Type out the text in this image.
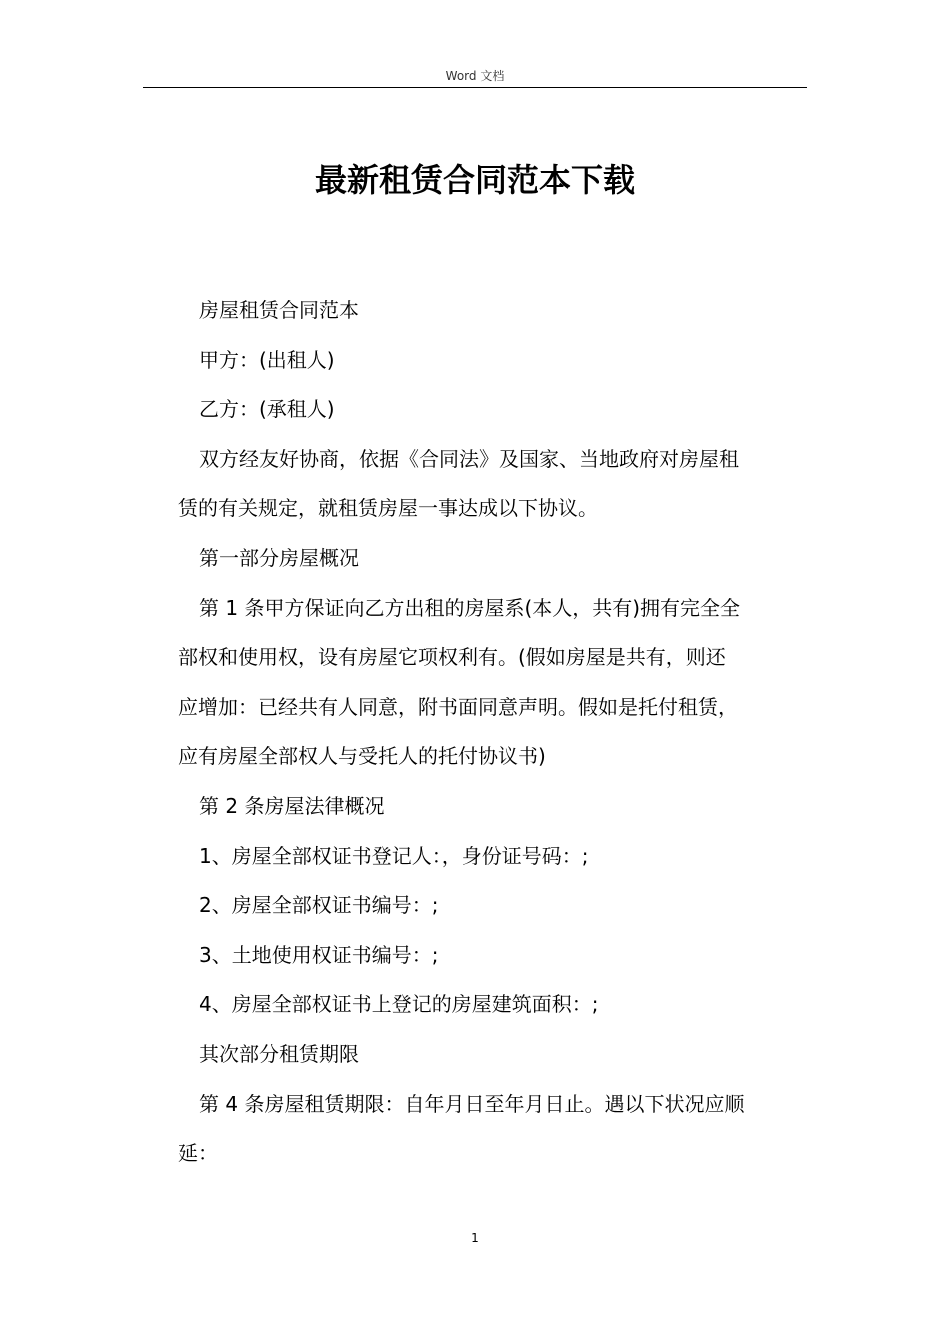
Word 文档
最新租赁合同范本下载
房屋租赁合同范本
甲方：(出租人)
乙方：(承租人)
双方经友好协商，依据《合同法》及国家、当地政府对房屋租
赁的有关规定，就租赁房屋一事达成以下协议。
第一部分房屋概况
第 1 条甲方保证向乙方出租的房屋系(本人，共有)拥有完全全
部权和使用权，设有房屋它项权利有。(假如房屋是共有，则还
应增加：已经共有人同意，附书面同意声明。假如是托付租赁，
应有房屋全部权人与受托人的托付协议书)
第 2 条房屋法律概况
1、房屋全部权证书登记人：，身份证号码：;
2、房屋全部权证书编号：;
3、土地使用权证书编号：;
4、房屋全部权证书上登记的房屋建筑面积：;
其次部分租赁期限
第 4 条房屋租赁期限：自年月日至年月日止。遇以下状况应顺
延：
1
